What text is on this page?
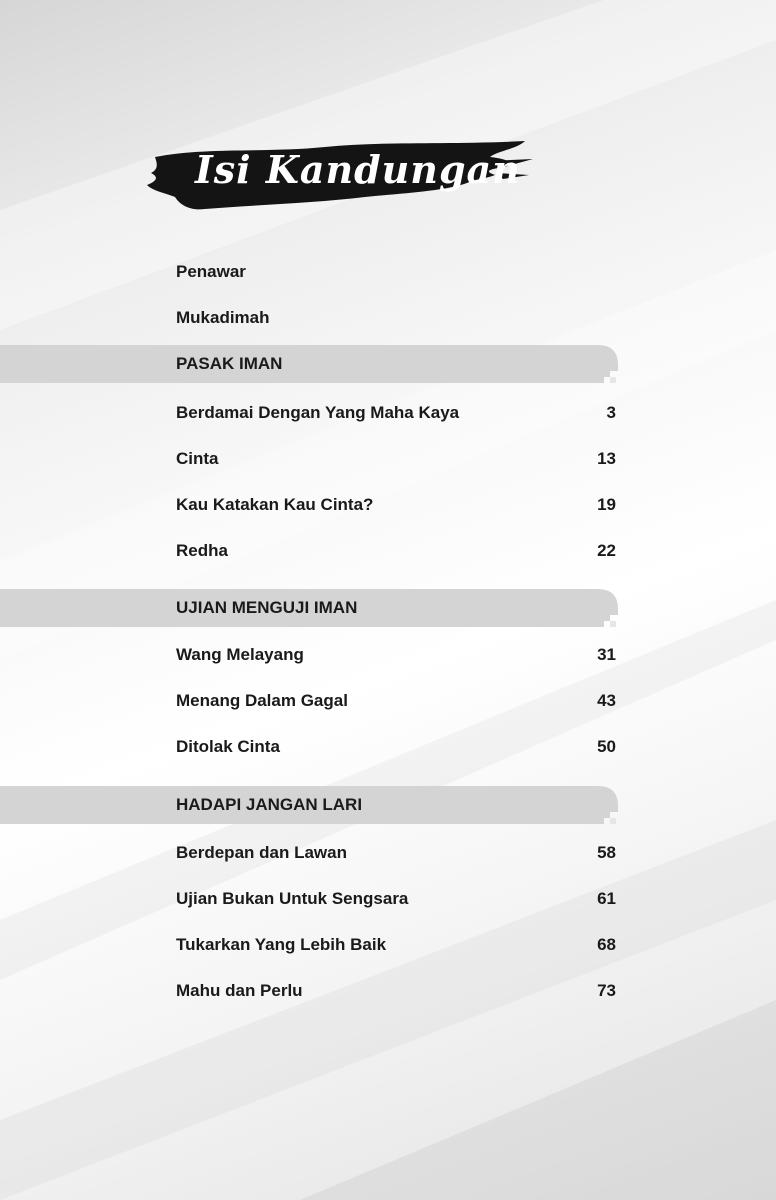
Isi Kandungan
Penawar
Mukadimah
PASAK IMAN
Berdamai Dengan Yang Maha Kaya	3
Cinta	13
Kau Katakan Kau Cinta?	19
Redha	22
UJIAN MENGUJI IMAN
Wang Melayang	31
Menang Dalam Gagal	43
Ditolak Cinta	50
HADAPI JANGAN LARI
Berdepan dan Lawan	58
Ujian Bukan Untuk Sengsara	61
Tukarkan Yang Lebih Baik	68
Mahu dan Perlu	73
